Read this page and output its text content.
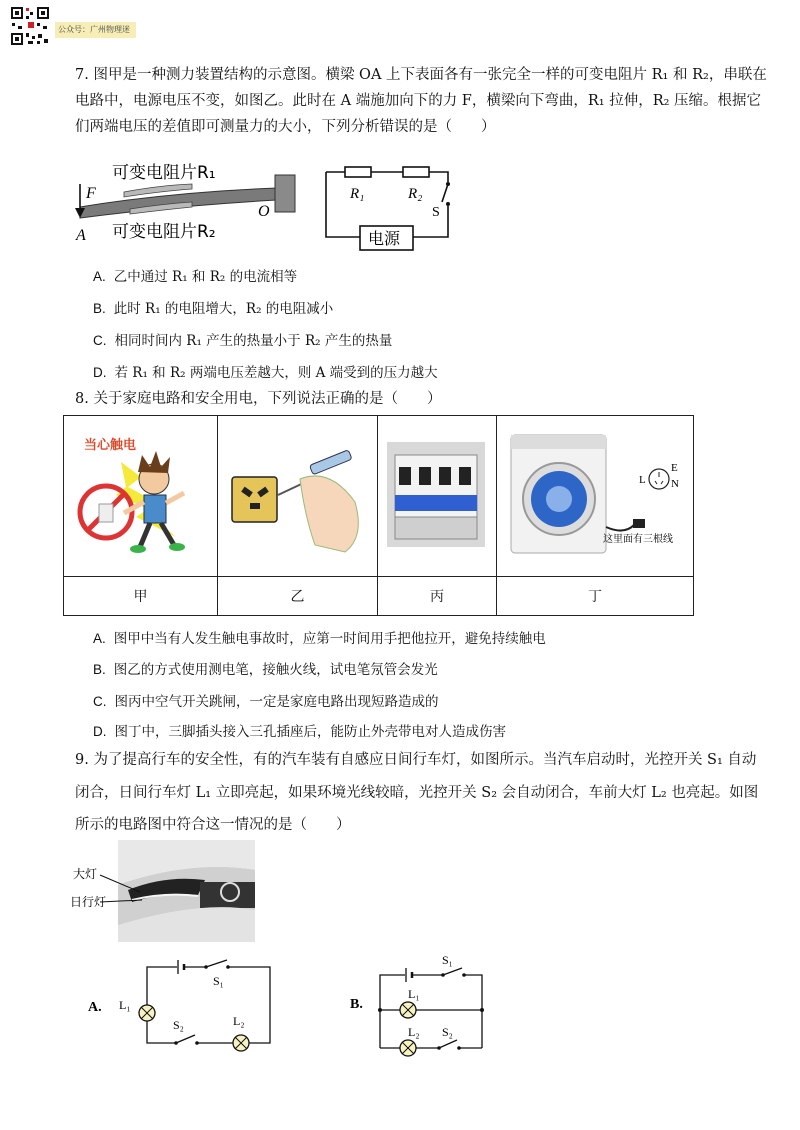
公众号：广州物理迷
7. 图甲是一种测力装置结构的示意图。横梁 OA 上下表面各有一张完全一样的可变电阻片 R₁ 和 R₂，串联在
电路中，电源电压不变，如图乙。此时在 A 端施加向下的力 F，横梁向下弯曲，R₁ 拉伸，R₂ 压缩。根据它
们两端电压的差值即可测量力的大小，下列分析错误的是（　　）
可变电阻片R₁
可变电阻片R₂
F
A
O
电源
R₁	R₂
S
A. 乙中通过 R₁ 和 R₂ 的电流相等
B. 此时 R₁ 的电阻增大，R₂ 的电阻减小
C. 相同时间内 R₁ 产生的热量小于 R₂ 产生的热量
D. 若 R₁ 和 R₂ 两端电压差越大，则 A 端受到的压力越大
8. 关于家庭电路和安全用电，下列说法正确的是（　　）
当心触电			L
E
N
这里面有三根线

甲	乙	丙	丁
A. 图甲中当有人发生触电事故时，应第一时间用手把他拉开，避免持续触电
B. 图乙的方式使用测电笔，接触火线，试电笔氖管会发光
C. 图丙中空气开关跳闸，一定是家庭电路出现短路造成的
D. 图丁中，三脚插头接入三孔插座后，能防止外壳带电对人造成伤害
9. 为了提高行车的安全性，有的汽车装有自感应日间行车灯，如图所示。当汽车启动时，光控开关 S₁ 自动
闭合，日间行车灯 L₁ 立即亮起，如果环境光线较暗，光控开关 S₂ 会自动闭合，车前大灯 L₂ 也亮起。如图
所示的电路图中符合这一情况的是（　　）
大灯
日行灯
A.
S₁
S₂
L₁
L₂
B.
S₁
S₂
L₁
L₂
